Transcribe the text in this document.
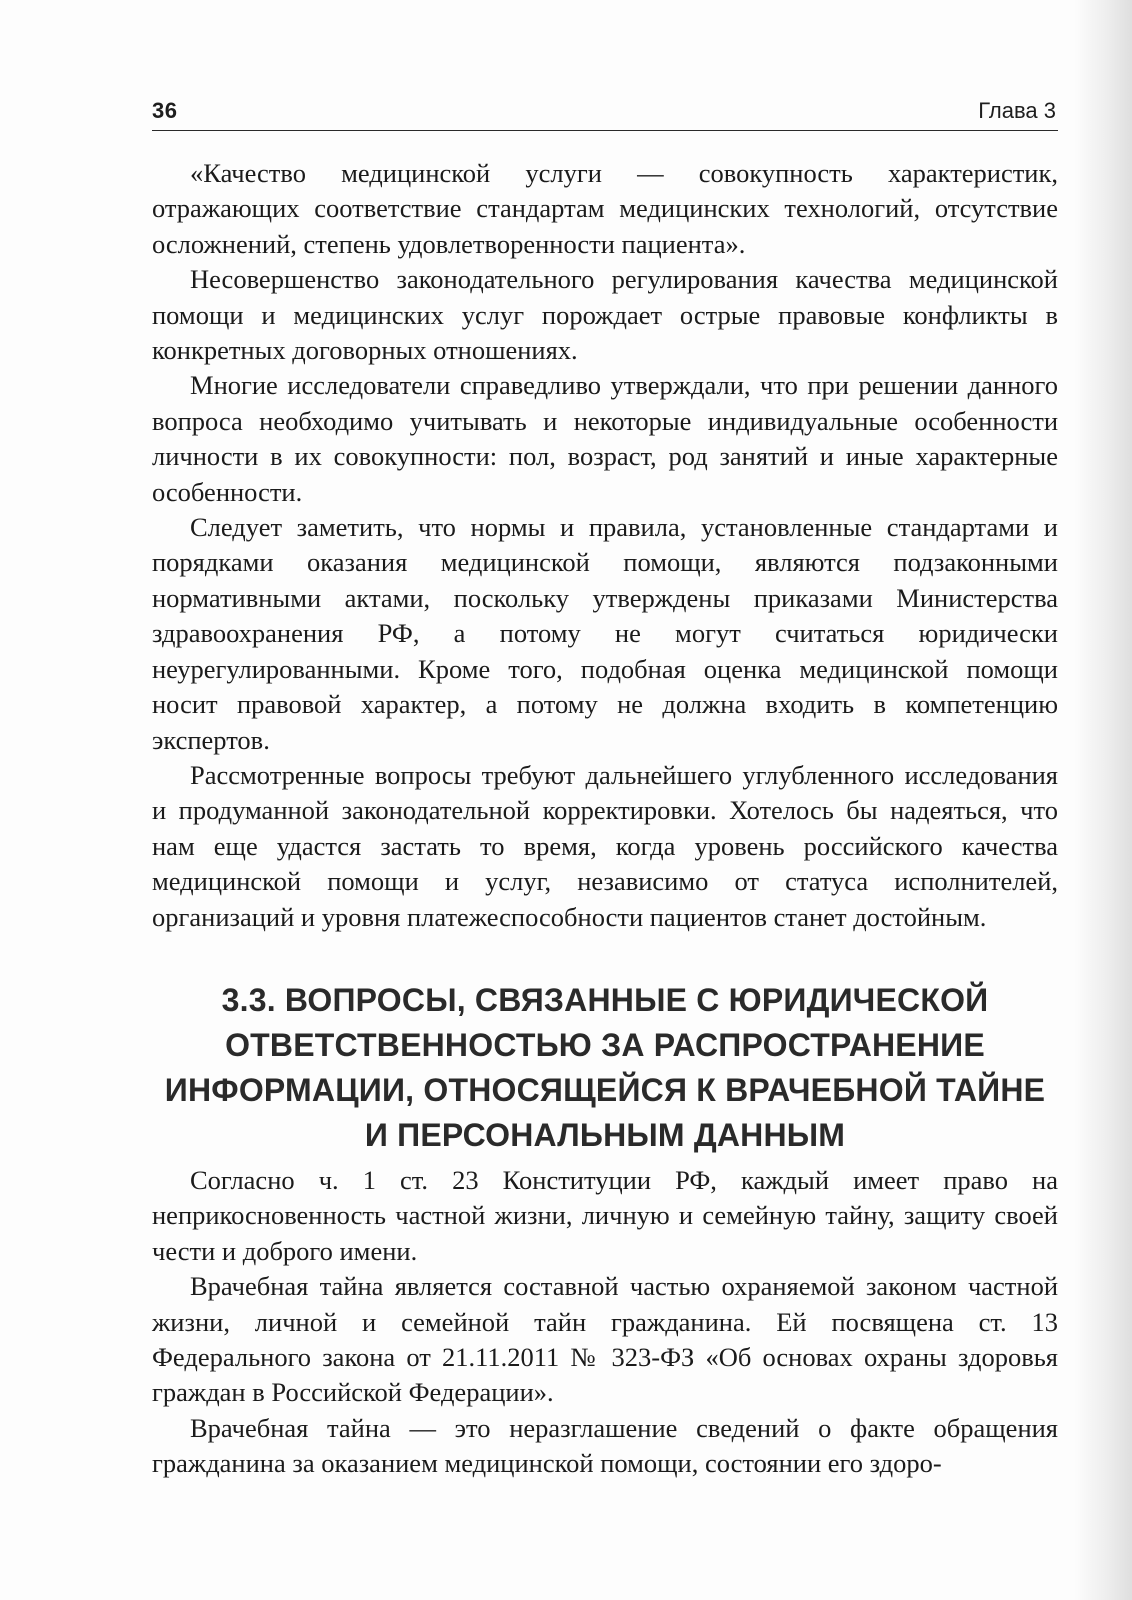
36	Глава 3

«Качество медицинской услуги — совокупность характеристик, отражающих соответствие стандартам медицинских технологий, отсутствие осложнений, степень удовлетворенности пациента».

Несовершенство законодательного регулирования качества медицинской помощи и медицинских услуг порождает острые правовые конфликты в конкретных договорных отношениях.

Многие исследователи справедливо утверждали, что при решении данного вопроса необходимо учитывать и некоторые индивидуальные особенности личности в их совокупности: пол, возраст, род занятий и иные характерные особенности.

Следует заметить, что нормы и правила, установленные стандартами и порядками оказания медицинской помощи, являются подзаконными нормативными актами, поскольку утверждены приказами Министерства здравоохранения РФ, а потому не могут считаться юридически неурегулированными. Кроме того, подобная оценка медицинской помощи носит правовой характер, а потому не должна входить в компетенцию экспертов.

Рассмотренные вопросы требуют дальнейшего углубленного исследования и продуманной законодательной корректировки. Хотелось бы надеяться, что нам еще удастся застать то время, когда уровень российского качества медицинской помощи и услуг, независимо от статуса исполнителей, организаций и уровня платежеспособности пациентов станет достойным.

3.3. ВОПРОСЫ, СВЯЗАННЫЕ С ЮРИДИЧЕСКОЙ ОТВЕТСТВЕННОСТЬЮ ЗА РАСПРОСТРАНЕНИЕ ИНФОРМАЦИИ, ОТНОСЯЩЕЙСЯ К ВРАЧЕБНОЙ ТАЙНЕ И ПЕРСОНАЛЬНЫМ ДАННЫМ

Согласно ч. 1 ст. 23 Конституции РФ, каждый имеет право на неприкосновенность частной жизни, личную и семейную тайну, защиту своей чести и доброго имени.

Врачебная тайна является составной частью охраняемой законом частной жизни, личной и семейной тайн гражданина. Ей посвящена ст. 13 Федерального закона от 21.11.2011 № 323-ФЗ «Об основах охраны здоровья граждан в Российской Федерации».

Врачебная тайна — это неразглашение сведений о факте обращения гражданина за оказанием медицинской помощи, состоянии его здоро-
